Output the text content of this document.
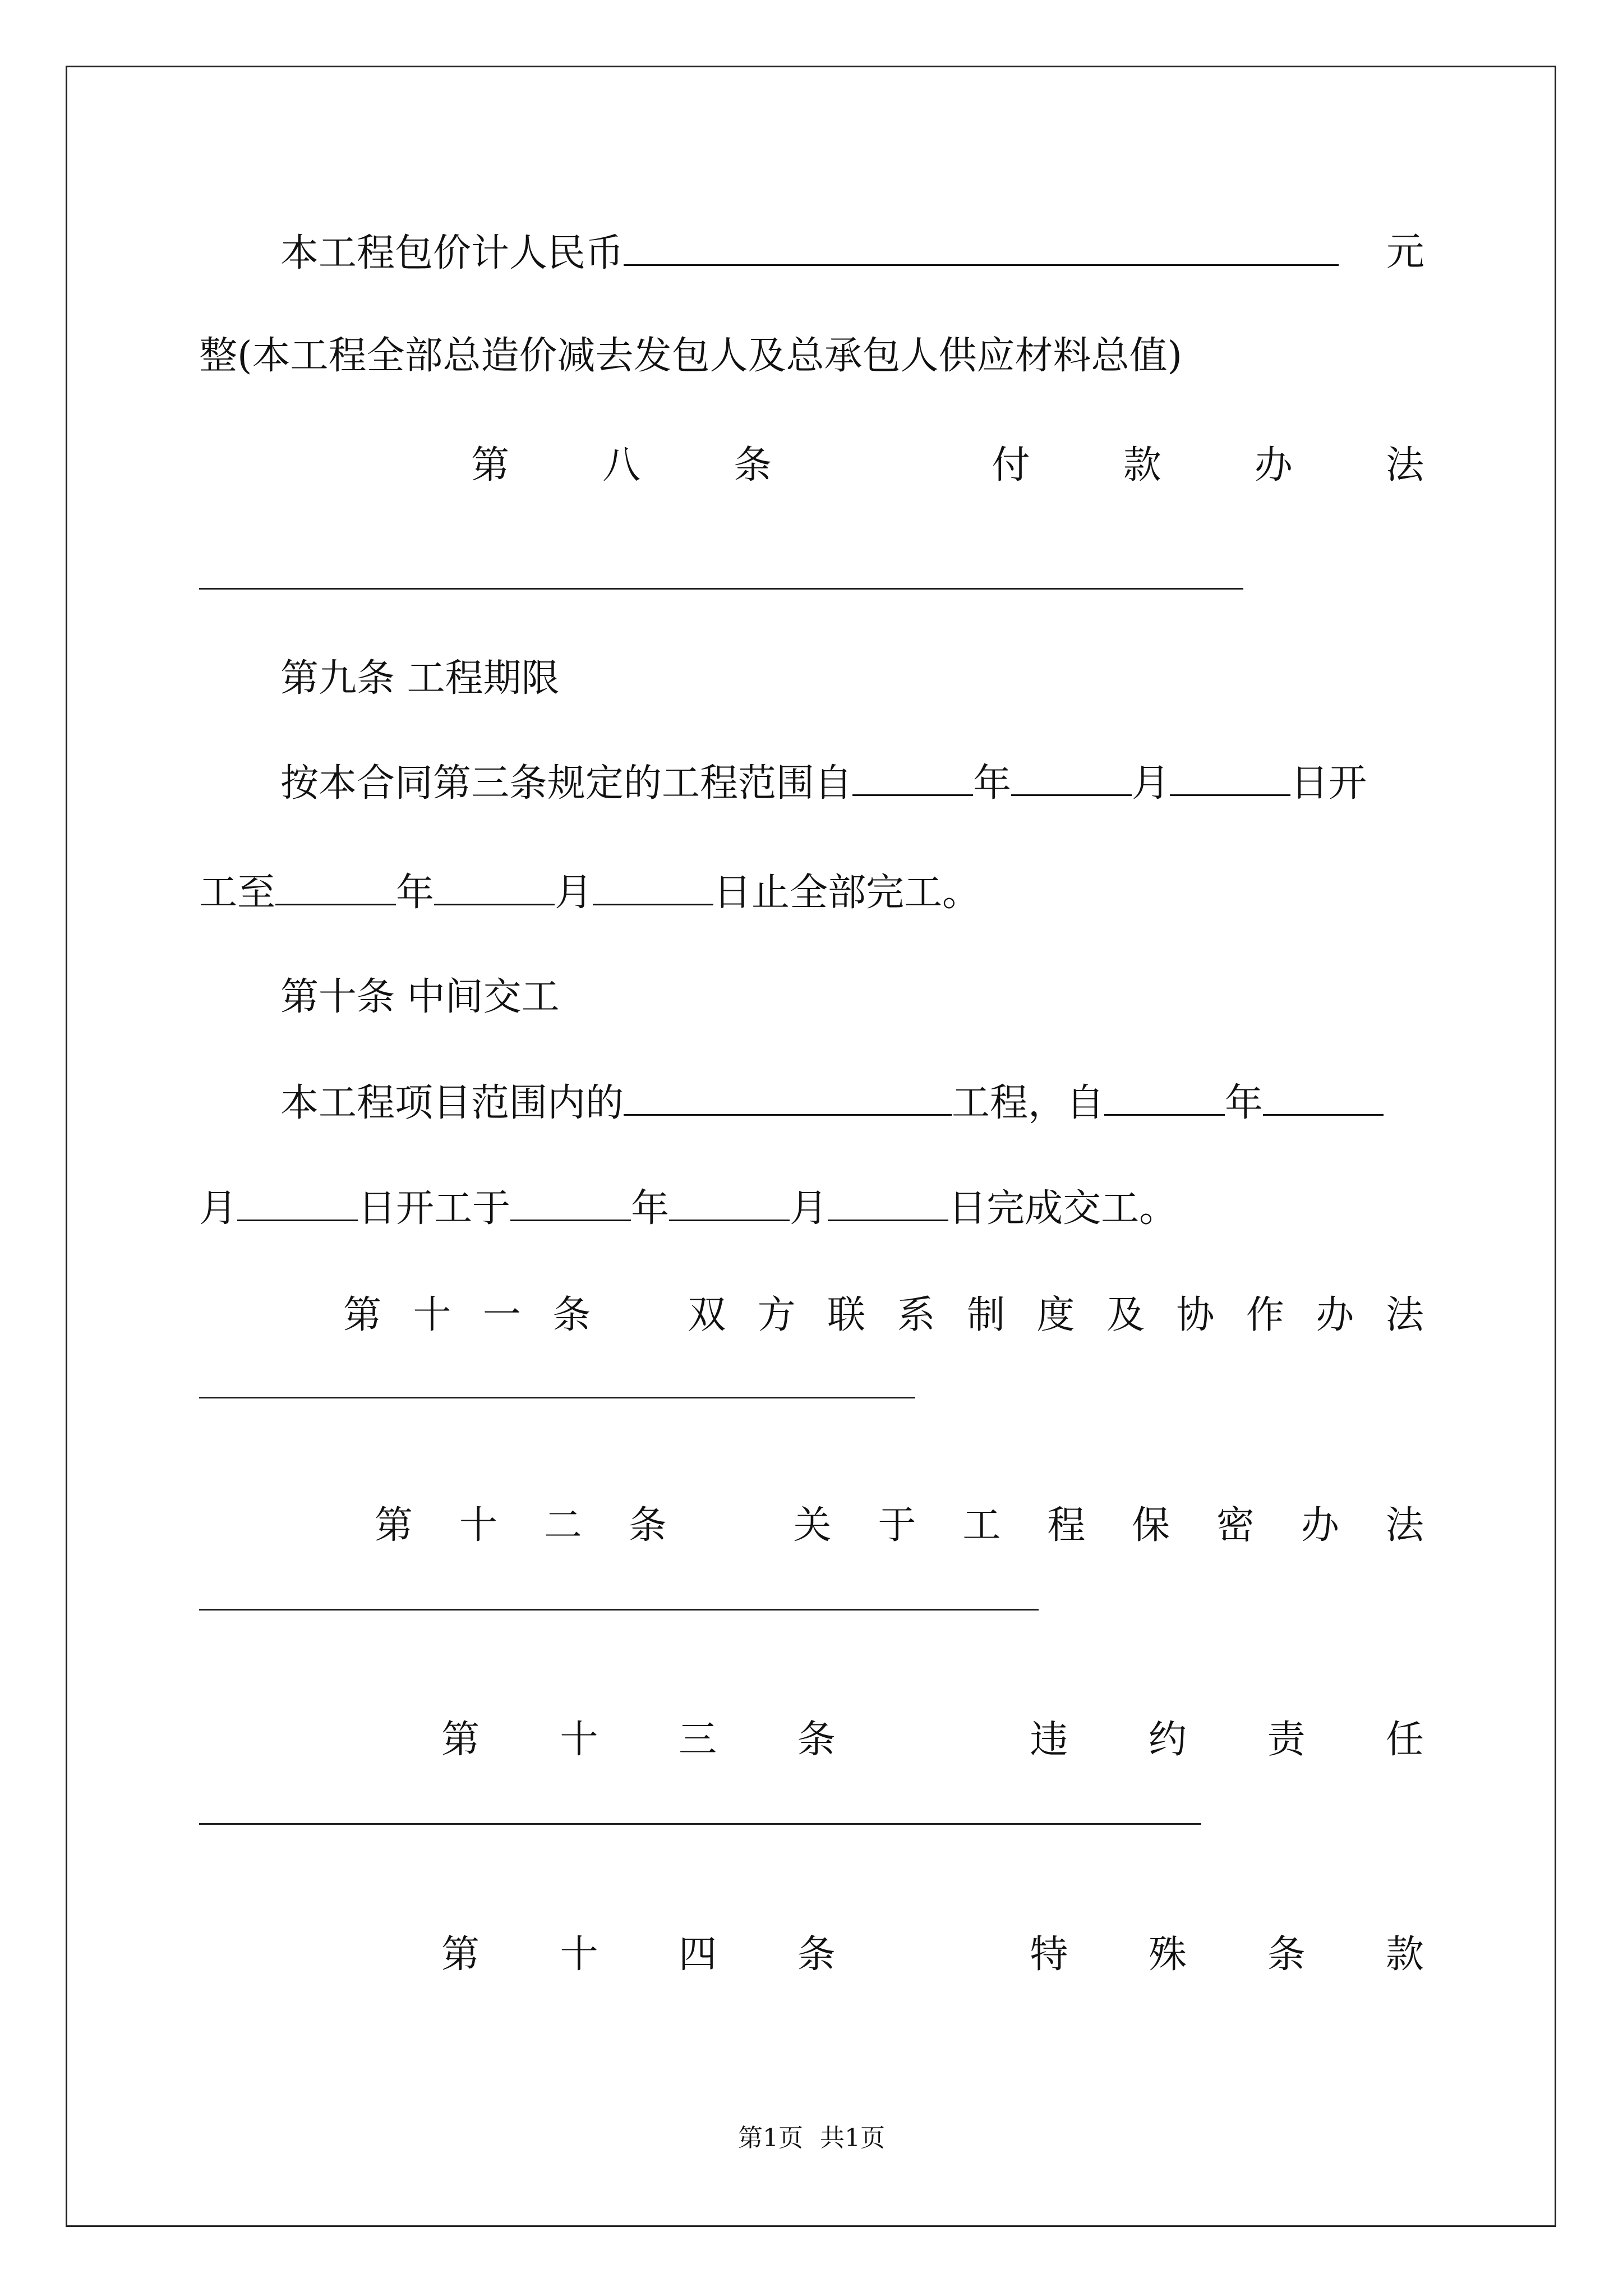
本工程包价计人民币	元
整(本工程全部总造价减去发包人及总承包人供应材料总值)
第 八 条	付 款 办 法
第九条 工程期限
按本合同第三条规定的工程范围自	年	月	日开
工至	年	月	日止全部完工。
第十条 中间交工
本工程项目范围内的	工程，自	年
月	日开工于	年	月	日完成交工。
第 十 一 条	双 方 联 系 制 度 及 协 作 办 法
第 十 二 条	关 于 工 程 保 密 办 法
第 十 三 条	违 约 责 任
第 十 四 条	特 殊 条 款
第1页 共1页
